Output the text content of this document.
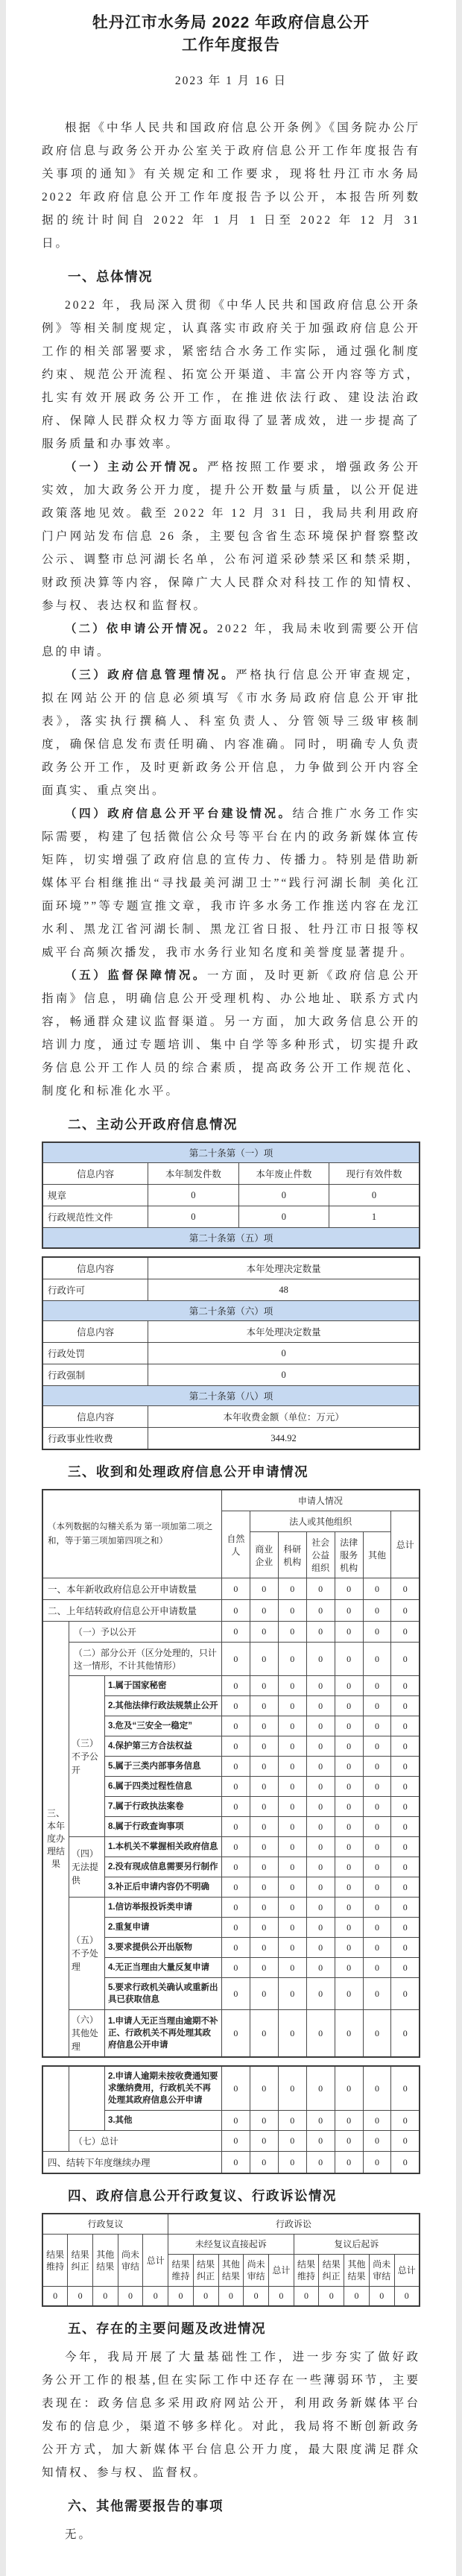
牡丹江市水务局 2022 年政府信息公开
工作年度报告
2023 年 1 月 16 日

根据《中华人民共和国政府信息公开条例》《国务院办公厅政府信息与政务公开办公室关于政府信息公开工作年度报告有关事项的通知》有关规定和工作要求，现将牡丹江市水务局 2022 年政府信息公开工作年度报告予以公开，本报告所列数据的统计时间自 2022 年 1 月 1 日至 2022 年 12 月 31 日。

一、总体情况

2022 年，我局深入贯彻《中华人民共和国政府信息公开条例》等相关制度规定，认真落实市政府关于加强政府信息公开工作的相关部署要求，紧密结合水务工作实际，通过强化制度约束、规范公开流程、拓宽公开渠道、丰富公开内容等方式，扎实有效开展政务公开工作，在推进依法行政、建设法治政府、保障人民群众权力等方面取得了显著成效，进一步提高了服务质量和办事效率。

（一）主动公开情况。严格按照工作要求，增强政务公开实效，加大政务公开力度，提升公开数量与质量，以公开促进政策落地见效。截至 2022 年 12 月 31 日，我局共利用政府门户网站发布信息 26 条，主要包含省生态环境保护督察整改公示、调整市总河湖长名单，公布河道采砂禁采区和禁采期，财政预决算等内容，保障广大人民群众对科技工作的知情权、参与权、表达权和监督权。

（二）依申请公开情况。2022 年，我局未收到需要公开信息的申请。

（三）政府信息管理情况。严格执行信息公开审查规定，拟在网站公开的信息必须填写《市水务局政府信息公开审批表》，落实执行撰稿人、科室负责人、分管领导三级审核制度，确保信息发布责任明确、内容准确。同时，明确专人负责政务公开工作，及时更新政务公开信息，力争做到公开内容全面真实、重点突出。

（四）政府信息公开平台建设情况。结合推广水务工作实际需要，构建了包括微信公众号等平台在内的政务新媒体宣传矩阵，切实增强了政府信息的宣传力、传播力。特别是借助新媒体平台相继推出“寻找最美河湖卫士”“践行河湖长制 美化江面环境””等专题宣推文章，我市许多水务工作推送内容在龙江水利、黑龙江省河湖长制、黑龙江省日报、牡丹江市日报等权威平台高频次播发，我市水务行业知名度和美誉度显著提升。

（五）监督保障情况。一方面，及时更新《政府信息公开指南》信息，明确信息公开受理机构、办公地址、联系方式内容，畅通群众建议监督渠道。另一方面，加大政务信息公开的培训力度，通过专题培训、集中自学等多种形式，切实提升政务信息公开工作人员的综合素质，提高政务公开工作规范化、制度化和标准化水平。

二、主动公开政府信息情况
第二十条第（一）项			
信息内容	本年制发件数	本年废止件数	现行有效件数
规章	0	0	0
行政规范性文件	0	0	1
第二十条第（五）项			
信息内容	本年处理决定数量
行政许可	48
第二十条第（六）项	
信息内容	本年处理决定数量
行政处罚	0
行政强制	0
第二十条第（八）项	
信息内容	本年收费金额（单位：万元）
行政事业性收费	344.92
三、收到和处理政府信息公开申请情况
（本列数据的勾稽关系为 第一项加第二项之和，等于第三项加第四项之和）			申请人情况						
			自然人	法人或其他组织					总计
				商业企业	科研机构	社会公益组织	法律服务机构	其他	
一、本年新收政府信息公开申请数量			0	0	0	0	0	0	0
二、上年结转政府信息公开申请数量			0	0	0	0	0	0	0
三、本年度办理结果	（一）予以公开		0	0	0	0	0	0	0
	（二）部分公开（区分处理的，只计这一情形，不计其他情形）		0	0	0	0	0	0	0
	（三）不予公开	1.属于国家秘密	0	0	0	0	0	0	0
		2.其他法律行政法规禁止公开	0	0	0	0	0	0	0
		3.危及“三安全一稳定”	0	0	0	0	0	0	0
		4.保护第三方合法权益	0	0	0	0	0	0	0
		5.属于三类内部事务信息	0	0	0	0	0	0	0
		6.属于四类过程性信息	0	0	0	0	0	0	0
		7.属于行政执法案卷	0	0	0	0	0	0	0
		8.属于行政查询事项	0	0	0	0	0	0	0
	（四）无法提供	1.本机关不掌握相关政府信息	0	0	0	0	0	0	0
		2.没有现成信息需要另行制作	0	0	0	0	0	0	0
		3.补正后申请内容仍不明确	0	0	0	0	0	0	0
	（五）不予处理	1.信访举报投诉类申请	0	0	0	0	0	0	0
		2.重复申请	0	0	0	0	0	0	0
		3.要求提供公开出版物	0	0	0	0	0	0	0
		4.无正当理由大量反复申请	0	0	0	0	0	0	0
		5.要求行政机关确认或重新出具已获取信息	0	0	0	0	0	0	0
	（六）其他处理	1.申请人无正当理由逾期不补正、行政机关不再处理其政府信息公开申请	0	0	0	0	0	0	0
		2.申请人逾期未按收费通知要求缴纳费用，行政机关不再处理其政府信息公开申请	0	0	0	0	0	0	0
		3.其他	0	0	0	0	0	0	0
	（七）总计		0	0	0	0	0	0	0
四、结转下年度继续办理			0	0	0	0	0	0	0
四、政府信息公开行政复议、行政诉讼情况
行政复议					行政诉讼									
结果维持	结果纠正	其他结果	尚未审结	总计	未经复议直接起诉					复议后起诉				
					结果维持	结果纠正	其他结果	尚未审结	总计	结果维持	结果纠正	其他结果	尚未审结	总计
0	0	0	0	0	0	0	0	0	0	0	0	0	0	0
五、存在的主要问题及改进情况

今年，我局开展了大量基础性工作，进一步夯实了做好政务公开工作的根基,但在实际工作中还存在一些薄弱环节，主要表现在：政务信息多采用政府网站公开，利用政务新媒体平台发布的信息少，渠道不够多样化。对此，我局将不断创新政务公开方式，加大新媒体平台信息公开力度，最大限度满足群众知情权、参与权、监督权。

六、其他需要报告的事项

无。
